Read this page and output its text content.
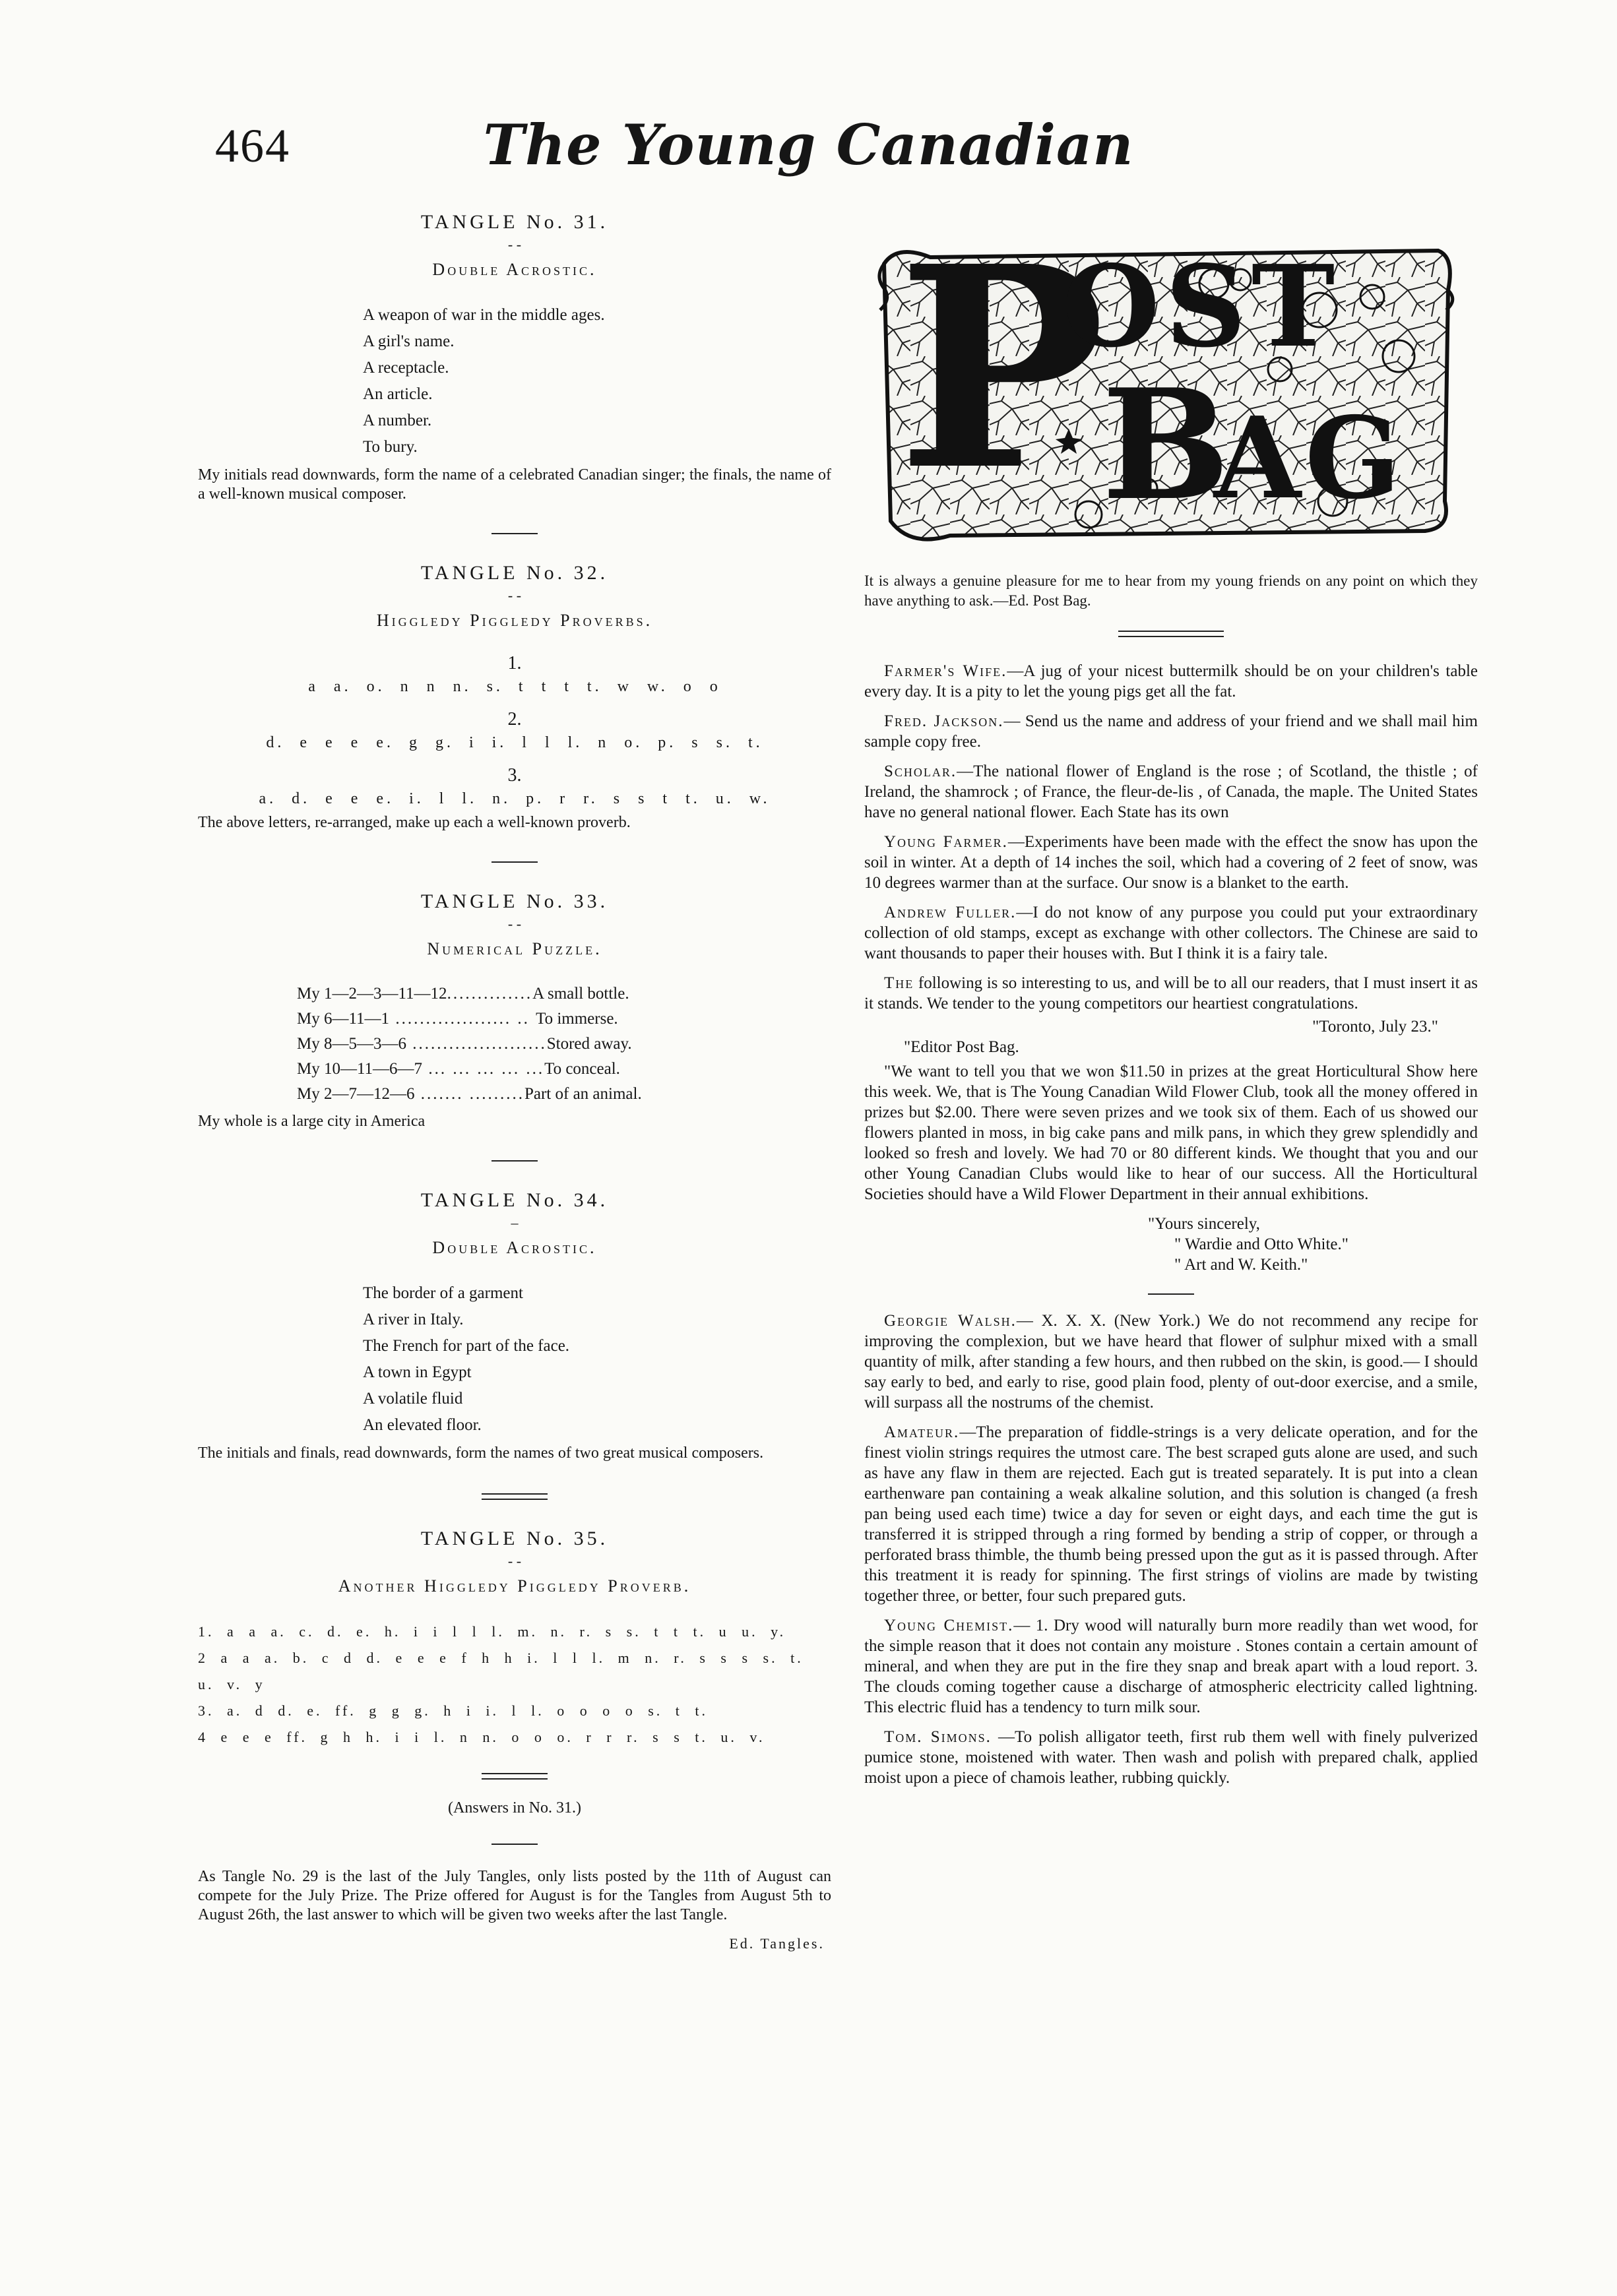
464	The Young Canadian

TANGLE No. 31.

- -

Double Acrostic.

A weapon of war in the middle ages.
A girl's name.
A receptacle.
An article.
A number.
To bury.

My initials read downwards, form the name of a celebrated Canadian singer; the finals, the name of a well-known musical composer.

TANGLE No. 32.

- -

Higgledy Piggledy Proverbs.

1.
a a. o. n n n. s. t t t t. w w. o o
2.
d. e e e e. g g. i i. l l l. n o. p. s s. t.
3.
a. d. e e e. i. l l. n. p. r r. s s t t. u. w.

The above letters, re-arranged, make up each a well-known proverb.

TANGLE No. 33.

- -

Numerical Puzzle.

My 1—2—3—11—12..............A small bottle.
My 6—11—1 ................... .. To immerse.
My 8—5—3—6 ......................Stored away.
My 10—11—6—7 ... ... ... ... ...To conceal.
My 2—7—12—6 ....... .........Part of an animal.

My whole is a large city in America

TANGLE No. 34.

–

Double Acrostic.

The border of a garment
A river in Italy.
The French for part of the face.
A town in Egypt
A volatile fluid
An elevated floor.

The initials and finals, read downwards, form the names of two great musical composers.

TANGLE No. 35.

- -

Another Higgledy Piggledy Proverb.

1. a a a. c. d. e. h. i i l l l. m. n. r. s s. t t t. u u. y.
2 a a a. b. c d d. e e e f h h i. l l l. m n. r. s s s s. t. u. v. y
3. a. d d. e. ff. g g g. h i i. l l. o o o o s. t t.
4 e e e ff. g h h. i i l. n n. o o o. r r r. s s t. u. v.

(Answers in No. 31.)

As Tangle No. 29 is the last of the July Tangles, only lists posted by the 11th of August can compete for the July Prize. The Prize offered for August is for the Tangles from August 5th to August 26th, the last answer to which will be given two weeks after the last Tangle.

Ed. Tangles.
P
OST
B
AG

It is always a genuine pleasure for me to hear from my young friends on any point on which they have anything to ask.—Ed. Post Bag.

Farmer's Wife.—A jug of your nicest buttermilk should be on your children's table every day. It is a pity to let the young pigs get all the fat.

Fred. Jackson.— Send us the name and address of your friend and we shall mail him sample copy free.

Scholar.—The national flower of England is the rose ; of Scotland, the thistle ; of Ireland, the shamrock ; of France, the fleur-de-lis , of Canada, the maple. The United States have no general national flower. Each State has its own

Young Farmer.—Experiments have been made with the effect the snow has upon the soil in winter. At a depth of 14 inches the soil, which had a covering of 2 feet of snow, was 10 degrees warmer than at the surface. Our snow is a blanket to the earth.

Andrew Fuller.—I do not know of any purpose you could put your extraordinary collection of old stamps, except as exchange with other collectors. The Chinese are said to want thousands to paper their houses with. But I think it is a fairy tale.

The following is so interesting to us, and will be to all our readers, that I must insert it as it stands. We tender to the young competitors our heartiest congratulations.

"Toronto, July 23."
"Editor Post Bag.

"We want to tell you that we won $11.50 in prizes at the great Horticultural Show here this week. We, that is The Young Canadian Wild Flower Club, took all the money offered in prizes but $2.00. There were seven prizes and we took six of them. Each of us showed our flowers planted in moss, in big cake pans and milk pans, in which they grew splendidly and looked so fresh and lovely. We had 70 or 80 different kinds. We thought that you and our other Young Canadian Clubs would like to hear of our success. All the Horticultural Societies should have a Wild Flower Department in their annual exhibitions.

"Yours sincerely,
" Wardie and Otto White."
" Art and W. Keith."

Georgie Walsh.— X. X. X. (New York.) We do not recommend any recipe for improving the complexion, but we have heard that flower of sulphur mixed with a small quantity of milk, after standing a few hours, and then rubbed on the skin, is good.— I should say early to bed, and early to rise, good plain food, plenty of out-door exercise, and a smile, will surpass all the nostrums of the chemist.

Amateur.—The preparation of fiddle-strings is a very delicate operation, and for the finest violin strings requires the utmost care. The best scraped guts alone are used, and such as have any flaw in them are rejected. Each gut is treated separately. It is put into a clean earthenware pan containing a weak alkaline solution, and this solution is changed (a fresh pan being used each time) twice a day for seven or eight days, and each time the gut is transferred it is stripped through a ring formed by bending a strip of copper, or through a perforated brass thimble, the thumb being pressed upon the gut as it is passed through. After this treatment it is ready for spinning. The first strings of violins are made by twisting together three, or better, four such prepared guts.

Young Chemist.— 1. Dry wood will naturally burn more readily than wet wood, for the simple reason that it does not contain any moisture . Stones contain a certain amount of mineral, and when they are put in the fire they snap and break apart with a loud report. 3. The clouds coming together cause a discharge of atmospheric electricity called lightning. This electric fluid has a tendency to turn milk sour.

Tom. Simons. —To polish alligator teeth, first rub them well with finely pulverized pumice stone, moistened with water. Then wash and polish with prepared chalk, applied moist upon a piece of chamois leather, rubbing quickly.
